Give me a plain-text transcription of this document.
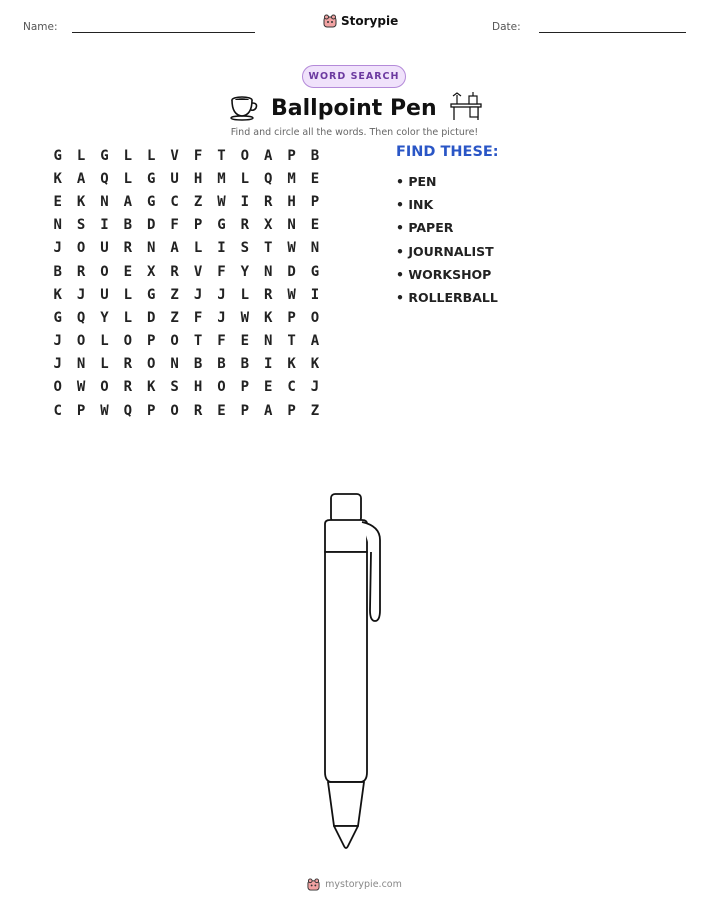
Name:	Storypie	Date:
WORD SEARCH
Ballpoint Pen
Find and circle all the words. Then color the picture!
G	L	G	L	L	V	F	T	O	A	P	B
K	A	Q	L	G	U	H	M	L	Q	M	E
E	K	N	A	G	C	Z	W	I	R	H	P
N	S	I	B	D	F	P	G	R	X	N	E
J	O	U	R	N	A	L	I	S	T	W	N
B	R	O	E	X	R	V	F	Y	N	D	G
K	J	U	L	G	Z	J	J	L	R	W	I
G	Q	Y	L	D	Z	F	J	W	K	P	O
J	O	L	O	P	O	T	F	E	N	T	A
J	N	L	R	O	N	B	B	B	I	K	K
O	W	O	R	K	S	H	O	P	E	C	J
C	P	W	Q	P	O	R	E	P	A	P	Z
FIND THESE:
• PEN
• INK
• PAPER
• JOURNALIST
• WORKSHOP
• ROLLERBALL
mystorypie.com
